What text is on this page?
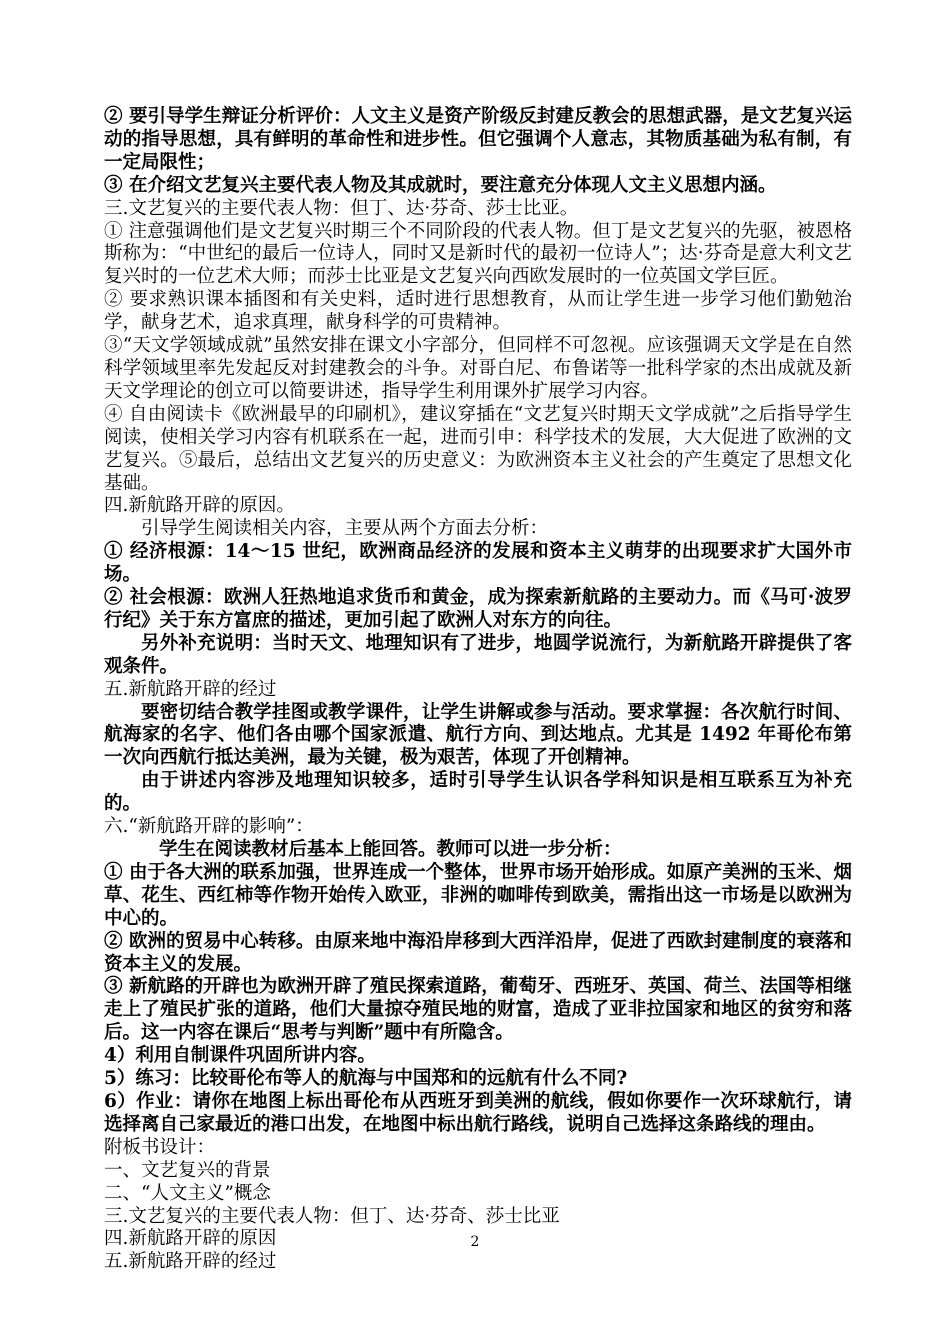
② 要引导学生辩证分析评价：人文主义是资产阶级反封建反教会的思想武器，是文艺复兴运动的指导思想，具有鲜明的革命性和进步性。但它强调个人意志，其物质基础为私有制，有一定局限性；

③ 在介绍文艺复兴主要代表人物及其成就时，要注意充分体现人文主义思想内涵。

三.文艺复兴的主要代表人物：但丁、达·芬奇、莎士比亚。

① 注意强调他们是文艺复兴时期三个不同阶段的代表人物。但丁是文艺复兴的先驱，被恩格斯称为：“中世纪的最后一位诗人，同时又是新时代的最初一位诗人”；达·芬奇是意大利文艺复兴时的一位艺术大师；而莎士比亚是文艺复兴向西欧发展时的一位英国文学巨匠。

② 要求熟识课本插图和有关史料，适时进行思想教育，从而让学生进一步学习他们勤勉治学，献身艺术，追求真理，献身科学的可贵精神。

③“天文学领域成就”虽然安排在课文小字部分，但同样不可忽视。应该强调天文学是在自然科学领域里率先发起反对封建教会的斗争。对哥白尼、布鲁诺等一批科学家的杰出成就及新天文学理论的创立可以简要讲述，指导学生利用课外扩展学习内容。

④ 自由阅读卡《欧洲最早的印刷机》，建议穿插在“文艺复兴时期天文学成就”之后指导学生阅读，使相关学习内容有机联系在一起，进而引申：科学技术的发展，大大促进了欧洲的文艺复兴。⑤最后，总结出文艺复兴的历史意义：为欧洲资本主义社会的产生奠定了思想文化基础。

四.新航路开辟的原因。

引导学生阅读相关内容，主要从两个方面去分析：

① 经济根源：14～15 世纪，欧洲商品经济的发展和资本主义萌芽的出现要求扩大国外市场。

② 社会根源：欧洲人狂热地追求货币和黄金，成为探索新航路的主要动力。而《马可·波罗行纪》关于东方富庶的描述，更加引起了欧洲人对东方的向往。

另外补充说明：当时天文、地理知识有了进步，地圆学说流行，为新航路开辟提供了客观条件。

五.新航路开辟的经过

要密切结合教学挂图或教学课件，让学生讲解或参与活动。要求掌握：各次航行时间、航海家的名字、他们各由哪个国家派遣、航行方向、到达地点。尤其是 1492 年哥伦布第一次向西航行抵达美洲，最为关键，极为艰苦，体现了开创精神。

由于讲述内容涉及地理知识较多，适时引导学生认识各学科知识是相互联系互为补充的。

六.“新航路开辟的影响”：

学生在阅读教材后基本上能回答。教师可以进一步分析：

① 由于各大洲的联系加强，世界连成一个整体，世界市场开始形成。如原产美洲的玉米、烟草、花生、西红柿等作物开始传入欧亚，非洲的咖啡传到欧美，需指出这一市场是以欧洲为中心的。

② 欧洲的贸易中心转移。由原来地中海沿岸移到大西洋沿岸，促进了西欧封建制度的衰落和资本主义的发展。

③ 新航路的开辟也为欧洲开辟了殖民探索道路，葡萄牙、西班牙、英国、荷兰、法国等相继走上了殖民扩张的道路，他们大量掠夺殖民地的财富，造成了亚非拉国家和地区的贫穷和落后。这一内容在课后“思考与判断”题中有所隐含。

4）利用自制课件巩固所讲内容。

5）练习：比较哥伦布等人的航海与中国郑和的远航有什么不同?

6）作业：请你在地图上标出哥伦布从西班牙到美洲的航线，假如你要作一次环球航行，请选择离自己家最近的港口出发，在地图中标出航行路线，说明自己选择这条路线的理由。

附板书设计：

一、文艺复兴的背景

二、“人文主义”概念

三.文艺复兴的主要代表人物：但丁、达·芬奇、莎士比亚

四.新航路开辟的原因

五.新航路开辟的经过

2
